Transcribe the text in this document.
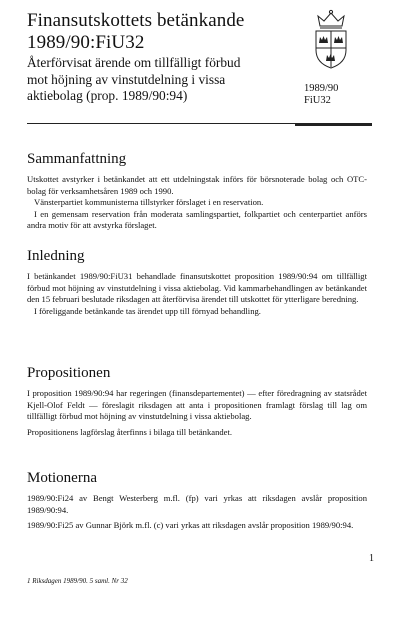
Finansutskottets betänkande
1989/90:FiU32
Återförvisat ärende om tillfälligt förbud
mot höjning av vinstutdelning i vissa
aktiebolag (prop. 1989/90:94)	1989/90
FiU32
Sammanfattning

Utskottet avstyrker i betänkandet att ett utdelningstak införs för börsnoterade bolag och OTC-bolag för verksamhetsåren 1989 och 1990.

Vänsterpartiet kommunisterna tillstyrker förslaget i en reservation.

I en gemensam reservation från moderata samlingspartiet, folkpartiet och centerpartiet anförs andra motiv för att avstyrka förslaget.

Inledning

I betänkandet 1989/90:FiU31 behandlade finansutskottet proposition 1989/90:94 om tillfälligt förbud mot höjning av vinstutdelning i vissa aktiebolag. Vid kammarbehandlingen av betänkandet den 15 februari beslutade riksdagen att återförvisa ärendet till utskottet för ytterligare beredning.

I föreliggande betänkande tas ärendet upp till förnyad behandling.

Propositionen

I proposition 1989/90:94 har regeringen (finansdepartementet) — efter föredragning av statsrådet Kjell-Olof Feldt — föreslagit riksdagen att anta i propositionen framlagt förslag till lag om tillfälligt förbud mot höjning av vinstutdelning i vissa aktiebolag.

Propositionens lagförslag återfinns i bilaga till betänkandet.

Motionerna

1989/90:Fi24 av Bengt Westerberg m.fl. (fp) vari yrkas att riksdagen avslår proposition 1989/90:94.

1989/90:Fi25 av Gunnar Björk m.fl. (c) vari yrkas att riksdagen avslår proposition 1989/90:94.

1
1 Riksdagen 1989/90. 5 saml. Nr 32
